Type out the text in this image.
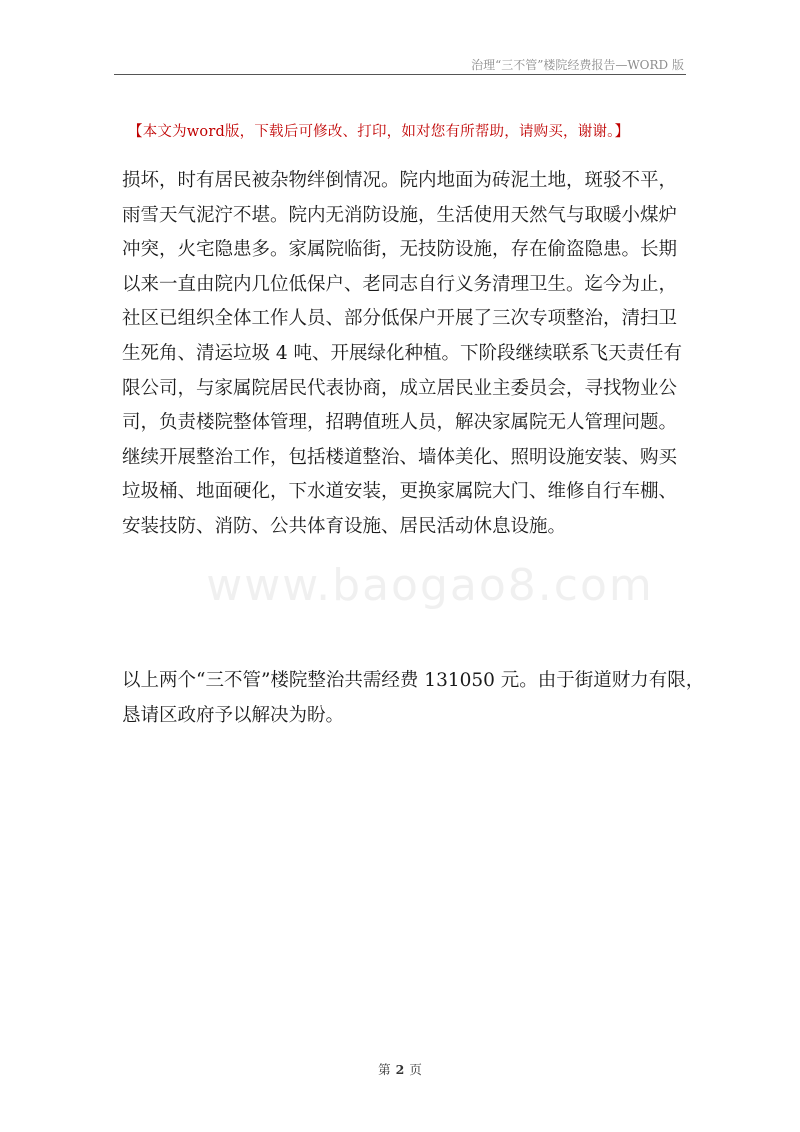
治理“三不管”楼院经费报告—WORD 版
【本文为word版，下载后可修改、打印，如对您有所帮助，请购买，谢谢。】
www.baogao8.com
损坏，时有居民被杂物绊倒情况。院内地面为砖泥土地，斑驳不平，
雨雪天气泥泞不堪。院内无消防设施，生活使用天然气与取暖小煤炉
冲突，火宅隐患多。家属院临街，无技防设施，存在偷盗隐患。长期
以来一直由院内几位低保户、老同志自行义务清理卫生。迄今为止，
社区已组织全体工作人员、部分低保户开展了三次专项整治，清扫卫
生死角、清运垃圾 4 吨、开展绿化种植。下阶段继续联系飞天责任有
限公司，与家属院居民代表协商，成立居民业主委员会，寻找物业公
司，负责楼院整体管理，招聘值班人员，解决家属院无人管理问题。
继续开展整治工作，包括楼道整治、墙体美化、照明设施安装、购买
垃圾桶、地面硬化，下水道安装，更换家属院大门、维修自行车棚、
安装技防、消防、公共体育设施、居民活动休息设施。
以上两个“三不管”楼院整治共需经费 131050 元。由于街道财力有限，
恳请区政府予以解决为盼。
第 2 页
